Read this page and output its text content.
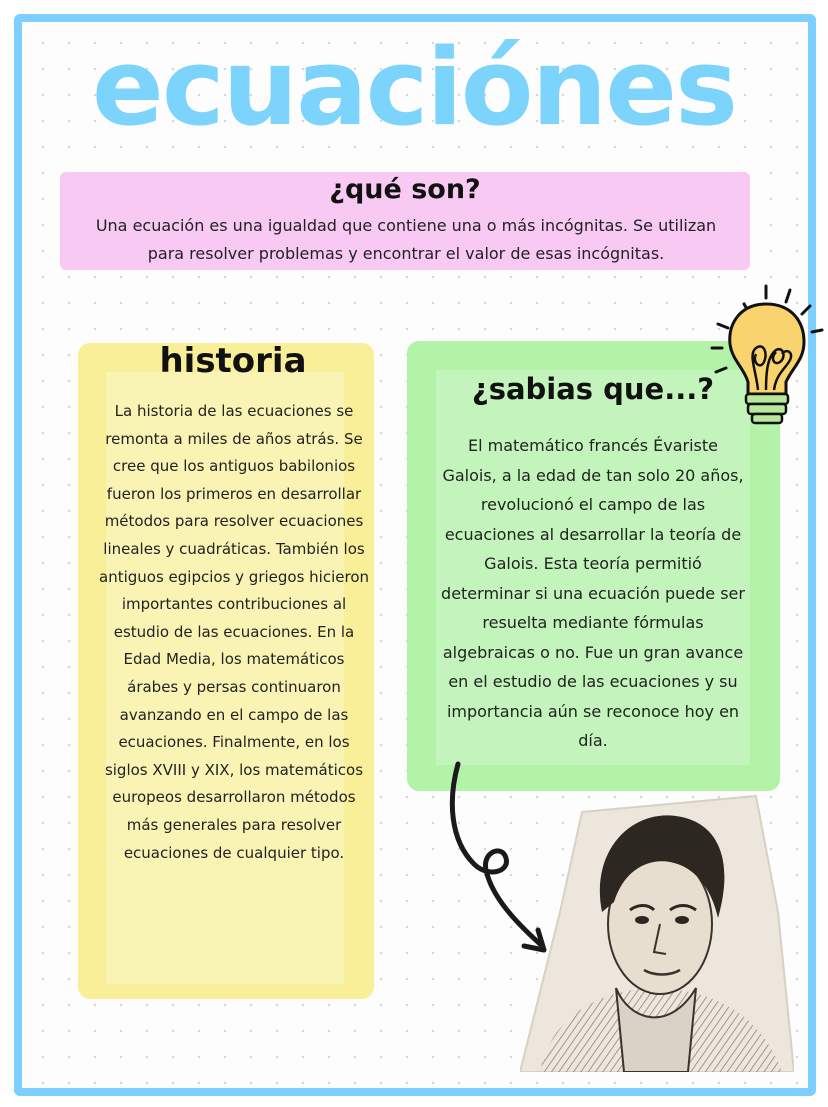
ecuaciónes
¿qué son?
Una ecuación es una igualdad que contiene una o más incógnitas. Se utilizan para resolver problemas y encontrar el valor de esas incógnitas.
historia
La historia de las ecuaciones se remonta a miles de años atrás. Se cree que los antiguos babilonios fueron los primeros en desarrollar métodos para resolver ecuaciones lineales y cuadráticas. También los antiguos egipcios y griegos hicieron importantes contribuciones al estudio de las ecuaciones. En la Edad Media, los matemáticos árabes y persas continuaron avanzando en el campo de las ecuaciones. Finalmente, en los siglos XVIII y XIX, los matemáticos europeos desarrollaron métodos más generales para resolver ecuaciones de cualquier tipo.
¿sabias que...?
El matemático francés Évariste Galois, a la edad de tan solo 20 años, revolucionó el campo de las ecuaciones al desarrollar la teoría de Galois. Esta teoría permitió determinar si una ecuación puede ser resuelta mediante fórmulas algebraicas o no. Fue un gran avance en el estudio de las ecuaciones y su importancia aún se reconoce hoy en día.
